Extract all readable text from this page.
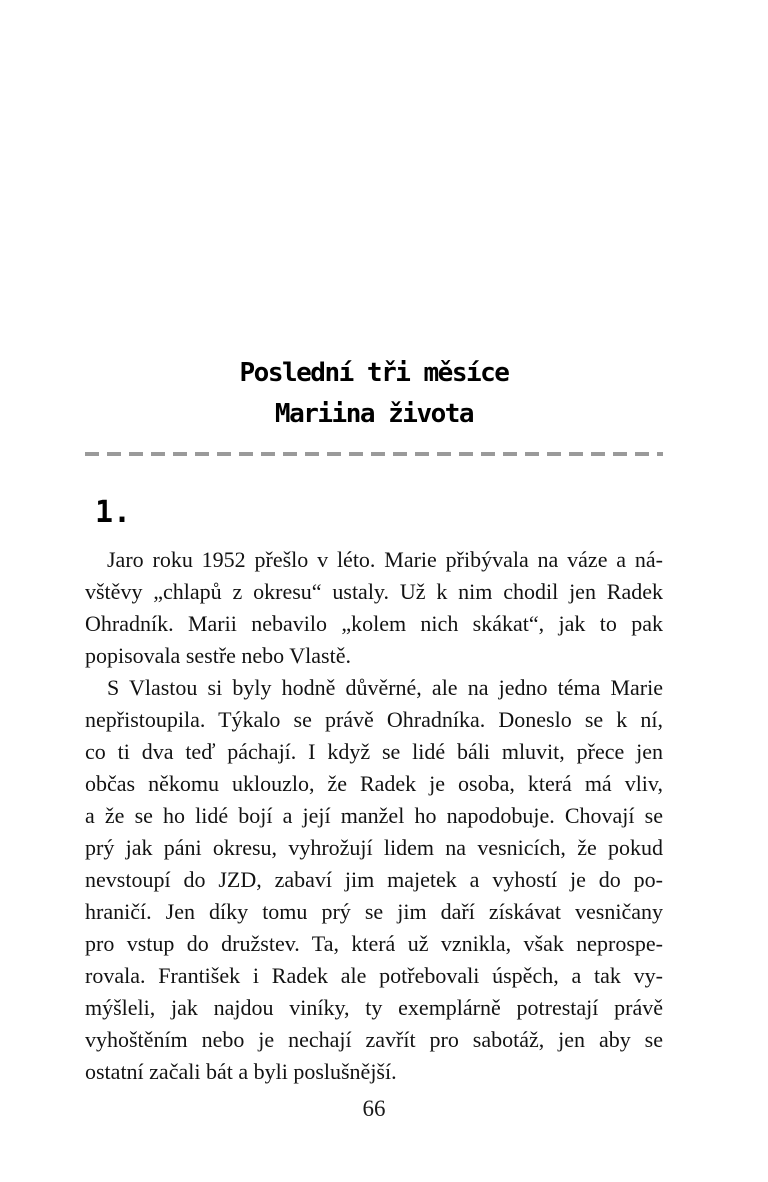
Poslední tři měsíce
Mariina života
1.
Jaro roku 1952 přešlo v léto. Marie přibývala na váze a ná-
vštěvy „chlapů z okresu“ ustaly. Už k nim chodil jen Radek
Ohradník. Marii nebavilo „kolem nich skákat“, jak to pak
popisovala sestře nebo Vlastě.
S Vlastou si byly hodně důvěrné, ale na jedno téma Marie
nepřistoupila. Týkalo se právě Ohradníka. Doneslo se k ní,
co ti dva teď páchají. I když se lidé báli mluvit, přece jen
občas někomu uklouzlo, že Radek je osoba, která má vliv,
a že se ho lidé bojí a její manžel ho napodobuje. Chovají se
prý jak páni okresu, vyhrožují lidem na vesnicích, že pokud
nevstoupí do JZD, zabaví jim majetek a vyhostí je do po-
hraničí. Jen díky tomu prý se jim daří získávat vesničany
pro vstup do družstev. Ta, která už vznikla, však neprospe-
rovala. František i Radek ale potřebovali úspěch, a tak vy-
mýšleli, jak najdou viníky, ty exemplárně potrestají právě
vyhoštěním nebo je nechají zavřít pro sabotáž, jen aby se
ostatní začali bát a byli poslušnější.
66
